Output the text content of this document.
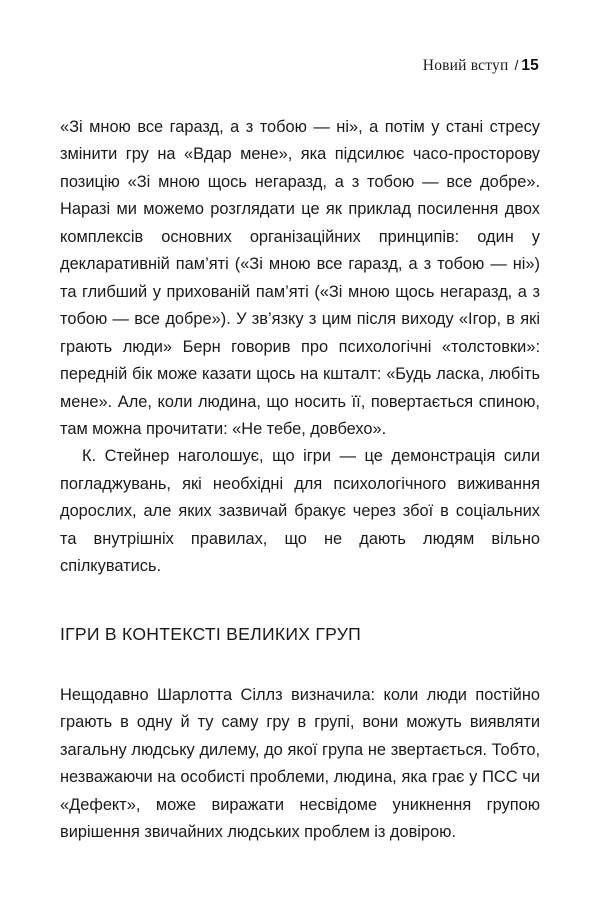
Новий вступ / 15

«Зі мною все гаразд, а з тобою — ні», а потім у стані стресу змінити гру на «Вдар мене», яка підсилює часо-просторову позицію «Зі мною щось негаразд, а з тобою — все добре». Наразі ми можемо розглядати це як приклад посилення двох комплексів основних організаційних принципів: один у декларативній пам’яті («Зі мною все гаразд, а з тобою — ні») та глибший у прихованій пам’яті («Зі мною щось негаразд, а з тобою — все добре»). У зв’язку з цим після виходу «Ігор, в які грають люди» Берн говорив про психологічні «толстовки»: передній бік може казати щось на кшталт: «Будь ласка, любіть мене». Але, коли людина, що носить її, повертається спиною, там можна прочитати: «Не тебе, довбехо».

К. Стейнер наголошує, що ігри — це демонстрація сили погладжувань, які необхідні для психологічного виживання дорослих, але яких зазвичай бракує через збої в соціальних та внутрішніх правилах, що не дають людям вільно спілкуватись.

ІГРИ В КОНТЕКСТІ ВЕЛИКИХ ГРУП

Нещодавно Шарлотта Сіллз визначила: коли люди постійно грають в одну й ту саму гру в групі, вони можуть виявляти загальну людську дилему, до якої група не звертається. Тобто, незважаючи на особисті проблеми, людина, яка грає у ПСС чи «Дефект», може виражати несвідоме уникнення групою вирішення звичайних людських проблем із довірою.
